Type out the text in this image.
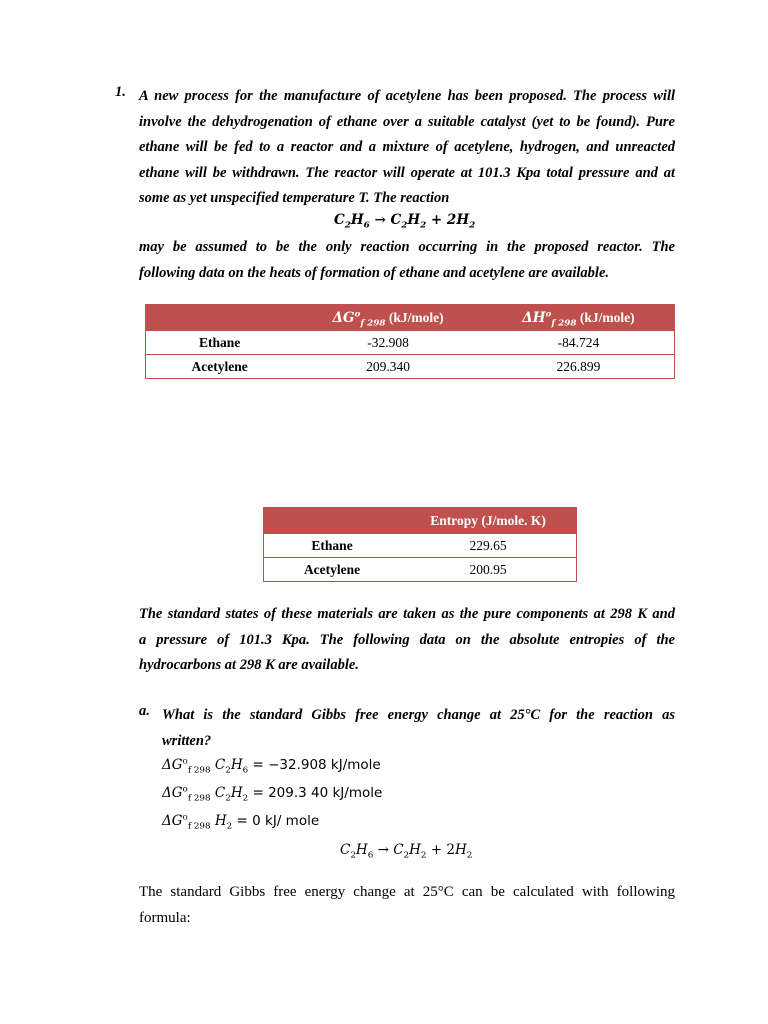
1. A new process for the manufacture of acetylene has been proposed. The process will
involve the dehydrogenation of ethane over a suitable catalyst (yet to be found). Pure
ethane will be fed to a reactor and a mixture of acetylene, hydrogen, and unreacted
ethane will be withdrawn. The reactor will operate at 101.3 Kpa total pressure and at
some as yet unspecified temperature T. The reaction
$C_2H_6 \to C_2H_2 + 2H_2$
may be assumed to be the only reaction occurring in the proposed reactor. The
following data on the heats of formation of ethane and acetylene are available.
	$\Delta G^o_{f 298}$ (kJ/mole)	$\Delta H^o_{f 298}$ (kJ/mole)
Ethane	-32.908	-84.724
Acetylene	209.340	226.899
	Entropy (J/mole. K)
Ethane	229.65
Acetylene	200.95
The standard states of these materials are taken as the pure components at 298 K and
a pressure of 101.3 Kpa. The following data on the absolute entropies of the
hydrocarbons at 298 K are available.
a. What is the standard Gibbs free energy change at 25°C for the reaction as
written?
$\Delta G^o_{f 298}$ $C_2H_6 = -32.908$ kJ/mole
$\Delta G^o_{f 298}$ $C_2H_2 = 209.3$ 40 kJ/mole
$\Delta G^o_{f 298}$ $H_2 = 0$ kJ/ mole
$C_2H_6 \to C_2H_2 + 2H_2$
The standard Gibbs free energy change at 25°C can be calculated with following
formula:
